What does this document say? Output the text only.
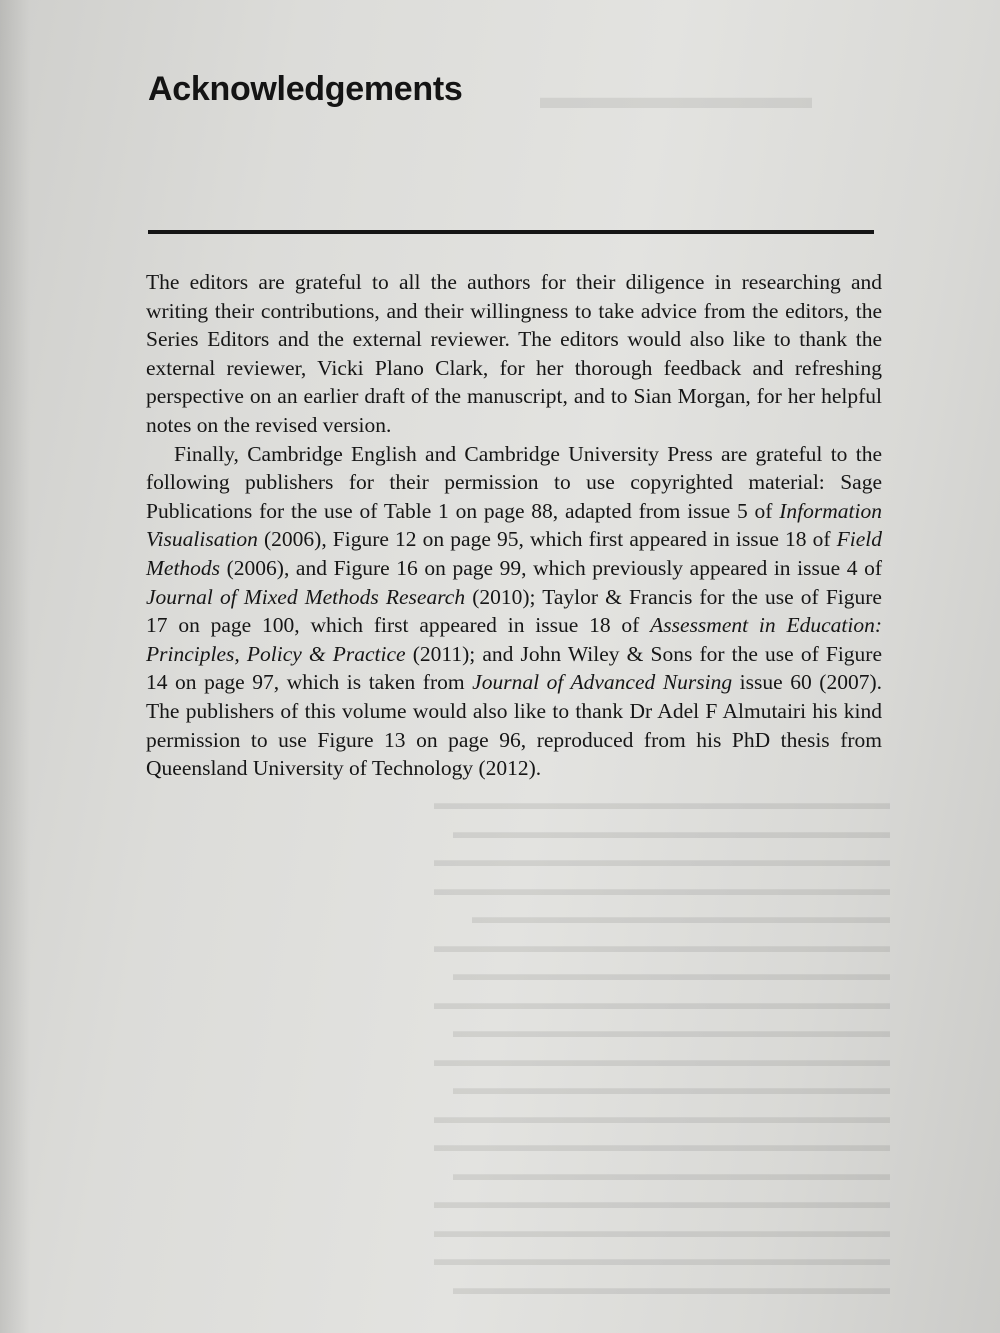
▬▬▬▬▬▬▬▬
▬▬▬▬▬▬▬▬▬▬▬▬▬▬▬▬▬▬▬▬▬▬▬▬
▬▬▬▬▬▬▬▬▬▬▬▬▬▬▬▬▬▬▬▬▬▬▬
▬▬▬▬▬▬▬▬▬▬▬▬▬▬▬▬▬▬▬▬▬▬▬▬
▬▬▬▬▬▬▬▬▬▬▬▬▬▬▬▬▬▬▬▬▬▬▬▬
▬▬▬▬▬▬▬▬▬▬▬▬▬▬▬▬▬▬▬▬▬▬
▬▬▬▬▬▬▬▬▬▬▬▬▬▬▬▬▬▬▬▬▬▬▬▬
▬▬▬▬▬▬▬▬▬▬▬▬▬▬▬▬▬▬▬▬▬▬▬
▬▬▬▬▬▬▬▬▬▬▬▬▬▬▬▬▬▬▬▬▬▬▬▬
▬▬▬▬▬▬▬▬▬▬▬▬▬▬▬▬▬▬▬▬▬▬▬
▬▬▬▬▬▬▬▬▬▬▬▬▬▬▬▬▬▬▬▬▬▬▬▬
▬▬▬▬▬▬▬▬▬▬▬▬▬▬▬▬▬▬▬▬▬▬▬
▬▬▬▬▬▬▬▬▬▬▬▬▬▬▬▬▬▬▬▬▬▬▬▬
▬▬▬▬▬▬▬▬▬▬▬▬▬▬▬▬▬▬▬▬▬▬▬▬
▬▬▬▬▬▬▬▬▬▬▬▬▬▬▬▬▬▬▬▬▬▬▬
▬▬▬▬▬▬▬▬▬▬▬▬▬▬▬▬▬▬▬▬▬▬▬▬
▬▬▬▬▬▬▬▬▬▬▬▬▬▬▬▬▬▬▬▬▬▬▬▬
▬▬▬▬▬▬▬▬▬▬▬▬▬▬▬▬▬▬▬▬▬▬▬▬
▬▬▬▬▬▬▬▬▬▬▬▬▬▬▬▬▬▬▬▬▬▬▬
Acknowledgements

The editors are grateful to all the authors for their diligence in researching and writing their contributions, and their willingness to take advice from the editors, the Series Editors and the external reviewer. The editors would also like to thank the external reviewer, Vicki Plano Clark, for her thorough feedback and refreshing perspective on an earlier draft of the manuscript, and to Sian Morgan, for her helpful notes on the revised version.

Finally, Cambridge English and Cambridge University Press are grateful to the following publishers for their permission to use copyrighted material: Sage Publications for the use of Table 1 on page 88, adapted from issue 5 of Information Visualisation (2006), Figure 12 on page 95, which first appeared in issue 18 of Field Methods (2006), and Figure 16 on page 99, which previously appeared in issue 4 of Journal of Mixed Methods Research (2010); Taylor & Francis for the use of Figure 17 on page 100, which first appeared in issue 18 of Assessment in Education: Principles, Policy & Practice (2011); and John Wiley & Sons for the use of Figure 14 on page 97, which is taken from Journal of Advanced Nursing issue 60 (2007). The publishers of this volume would also like to thank Dr Adel F Almutairi his kind permission to use Figure 13 on page 96, reproduced from his PhD thesis from Queensland University of Technology (2012).
